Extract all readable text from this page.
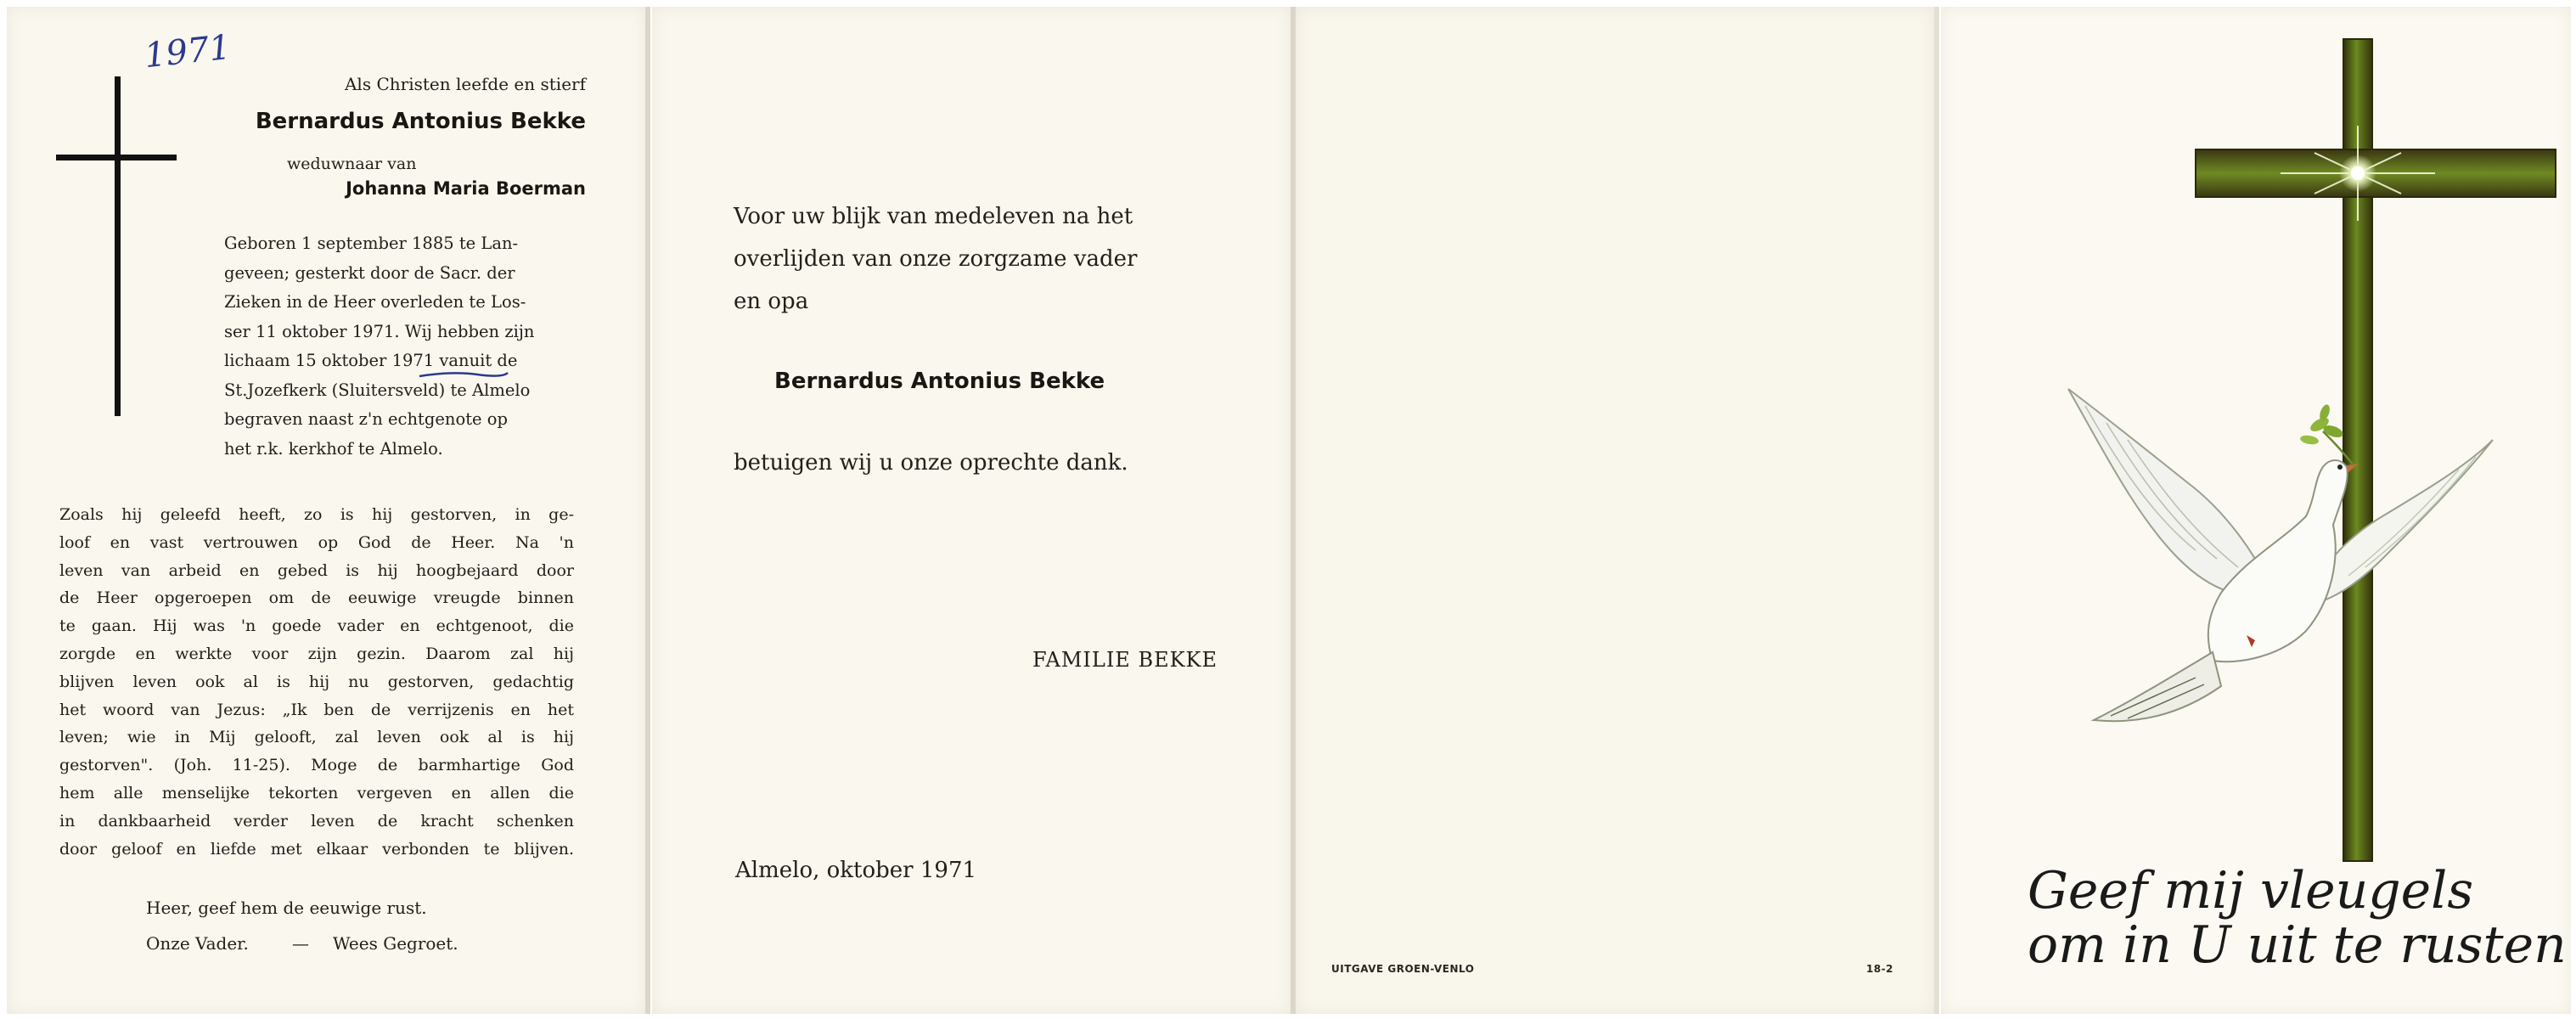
1971
Als Christen leefde en stierf
Bernardus Antonius Bekke
weduwnaar van
Johanna Maria Boerman
Geboren 1 september 1885 te Lan-
geveen; gesterkt door de Sacr. der
Zieken in de Heer overleden te Los-
ser 11 oktober 1971. Wij hebben zijn
lichaam 15 oktober 1971 vanuit de
St.Jozefkerk (Sluitersveld) te Almelo
begraven naast z'n echtgenote op
het r.k. kerkhof te Almelo.
Zoals hij geleefd heeft, zo is hij gestorven, in ge-
loof en vast vertrouwen op God de Heer. Na 'n
leven van arbeid en gebed is hij hoogbejaard door
de Heer opgeroepen om de eeuwige vreugde binnen
te gaan. Hij was 'n goede vader en echtgenoot, die
zorgde en werkte voor zijn gezin. Daarom zal hij
blijven leven ook al is hij nu gestorven, gedachtig
het woord van Jezus: „Ik ben de verrijzenis en het
leven; wie in Mij gelooft, zal leven ook al is hij
gestorven". (Joh. 11-25). Moge de barmhartige God
hem alle menselijke tekorten vergeven en allen die
in dankbaarheid verder leven de kracht schenken
door geloof en liefde met elkaar verbonden te blijven.
Heer, geef hem de eeuwige rust.
Onze Vader.	— Wees Gegroet.
Voor uw blijk van medeleven na het
overlijden van onze zorgzame vader
en opa
Bernardus Antonius Bekke
betuigen wij u onze oprechte dank.
FAMILIE BEKKE
Almelo, oktober 1971
UITGAVE GROEN-VENLO	18-2
Geef mij vleugels
om in U uit te rusten
